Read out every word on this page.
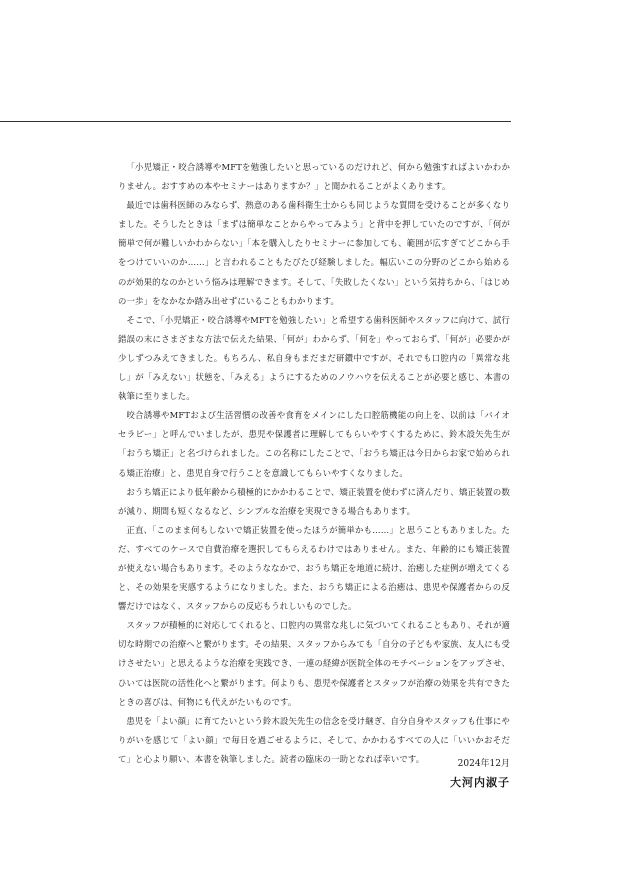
「小児矯正・咬合誘導やMFTを勉強したいと思っているのだけれど、何から勉強すればよいかわかりません。おすすめの本やセミナーはありますか？」と聞かれることがよくあります。

最近では歯科医師のみならず、熱意のある歯科衛生士からも同じような質問を受けることが多くなりました。そうしたときは「まずは簡単なことからやってみよう」と背中を押していたのですが、「何が簡単で何が難しいかわからない」「本を購入したりセミナーに参加しても、範囲が広すぎてどこから手をつけていいのか……」と言われることもたびたび経験しました。幅広いこの分野のどこから始めるのが効果的なのかという悩みは理解できます。そして、「失敗したくない」という気持ちから、「はじめの一歩」をなかなか踏み出せずにいることもわかります。

そこで、「小児矯正・咬合誘導やMFTを勉強したい」と希望する歯科医師やスタッフに向けて、試行錯誤の末にさまざまな方法で伝えた結果、「何が」わからず、「何を」やっておらず、「何が」必要かが少しずつみえてきました。もちろん、私自身もまだまだ研鑽中ですが、それでも口腔内の「異常な兆し」が「みえない」状態を、「みえる」ようにするためのノウハウを伝えることが必要と感じ、本書の執筆に至りました。

咬合誘導やMFTおよび生活習慣の改善や食育をメインにした口腔筋機能の向上を、以前は「バイオセラピー」と呼んでいましたが、患児や保護者に理解してもらいやすくするために、鈴木設矢先生が「おうち矯正」と名づけられました。この名称にしたことで、「おうち矯正は今日からお家で始められる矯正治療」と、患児自身で行うことを意識してもらいやすくなりました。

おうち矯正により低年齢から積極的にかかわることで、矯正装置を使わずに済んだり、矯正装置の数が減り、期間も短くなるなど、シンプルな治療を実現できる場合もあります。

正直、「このまま何もしないで矯正装置を使ったほうが簡単かも……」と思うこともありました。ただ、すべてのケースで自費治療を選択してもらえるわけではありません。また、年齢的にも矯正装置が使えない場合もあります。そのようななかで、おうち矯正を地道に続け、治癒した症例が増えてくると、その効果を実感するようになりました。また、おうち矯正による治癒は、患児や保護者からの反響だけではなく、スタッフからの反応もうれしいものでした。

スタッフが積極的に対応してくれると、口腔内の異常な兆しに気づいてくれることもあり、それが適切な時期での治療へと繋がります。その結果、スタッフからみても「自分の子どもや家族、友人にも受けさせたい」と思えるような治療を実践でき、一連の経緯が医院全体のモチベーションをアップさせ、ひいては医院の活性化へと繋がります。何よりも、患児や保護者とスタッフが治療の効果を共有できたときの喜びは、何物にも代えがたいものです。

患児を「よい顔」に育てたいという鈴木設矢先生の信念を受け継ぎ、自分自身やスタッフも仕事にやりがいを感じて「よい顔」で毎日を過ごせるように、そして、かかわるすべての人に「いいかおそだて」と心より願い、本書を執筆しました。読者の臨床の一助となれば幸いです。

2024年12月
大河内淑子
